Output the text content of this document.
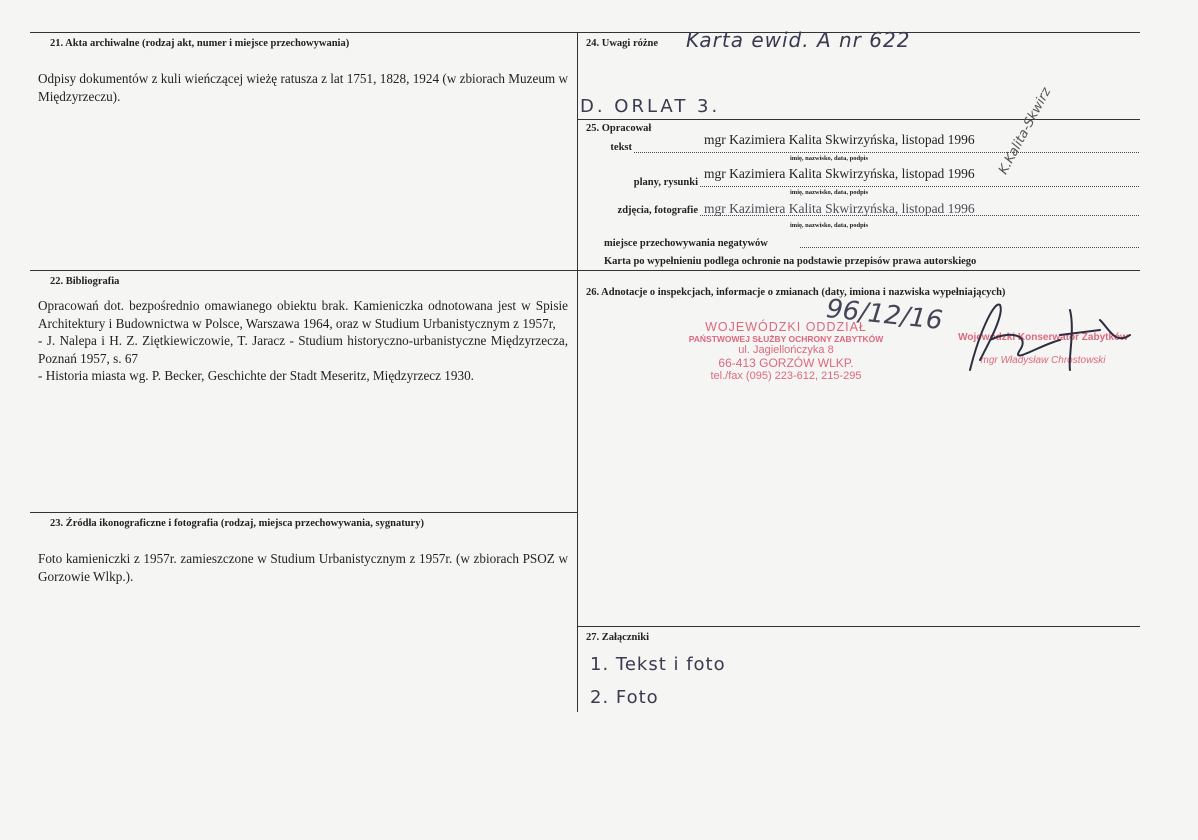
21. Akta archiwalne (rodzaj akt, numer i miejsce przechowywania)
Odpisy dokumentów z kuli wieńczącej wieżę ratusza z lat 1751, 1828, 1924 (w zbiorach Muzeum w Międzyrzeczu).
22. Bibliografia

Opracowań dot. bezpośrednio omawianego obiektu brak. Kamieniczka odnotowana jest w Spisie Architektury i Budownictwa w Polsce, Warszawa 1964, oraz w Studium Urbanistycznym z 1957r,

- J. Nalepa i H. Z. Ziętkiewiczowie, T. Jaracz - Studium historyczno-urbanistyczne Międzyrzecza, Poznań 1957, s. 67

- Historia miasta wg. P. Becker, Geschichte der Stadt Meseritz, Międzyrzecz 1930.

23. Źródła ikonograficzne i fotografia (rodzaj, miejsca przechowywania, sygnatury)
Foto kamieniczki z 1957r. zamieszczone w Studium Urbanistycznym z 1957r. (w zbiorach PSOZ w Gorzowie Wlkp.).
24. Uwagi różne Karta ewid. A nr 622
D. ORLAT 3.
25. Opracował
tekst
mgr Kazimiera Kalita Skwirzyńska, listopad 1996
imię, nazwisko, data, podpis
plany, rysunki
mgr Kazimiera Kalita Skwirzyńska, listopad 1996
imię, nazwisko, data, podpis
zdjęcia, fotografie mgr Kazimiera Kalita Skwirzyńska, listopad 1996
imię, nazwisko, data, podpis
miejsce przechowywania negatywów
Karta po wypełnieniu podlega ochronie na podstawie przepisów prawa autorskiego
K.Kalita-Skwirz
26. Adnotacje o inspekcjach, informacje o zmianach (daty, imiona i nazwiska wypełniających)
WOJEWÓDZKI ODDZIAŁ
PAŃSTWOWEJ SŁUŻBY OCHRONY ZABYTKÓW
ul. Jagiellończyka 8
66-413 GORZÓW WLKP.
tel./fax (095) 223-612, 215-295
96/12/16
Wojewódzki Konserwator Zabytków
mgr Władysław Chrostowski
27. Załączniki
1. Tekst i foto
2. Foto
